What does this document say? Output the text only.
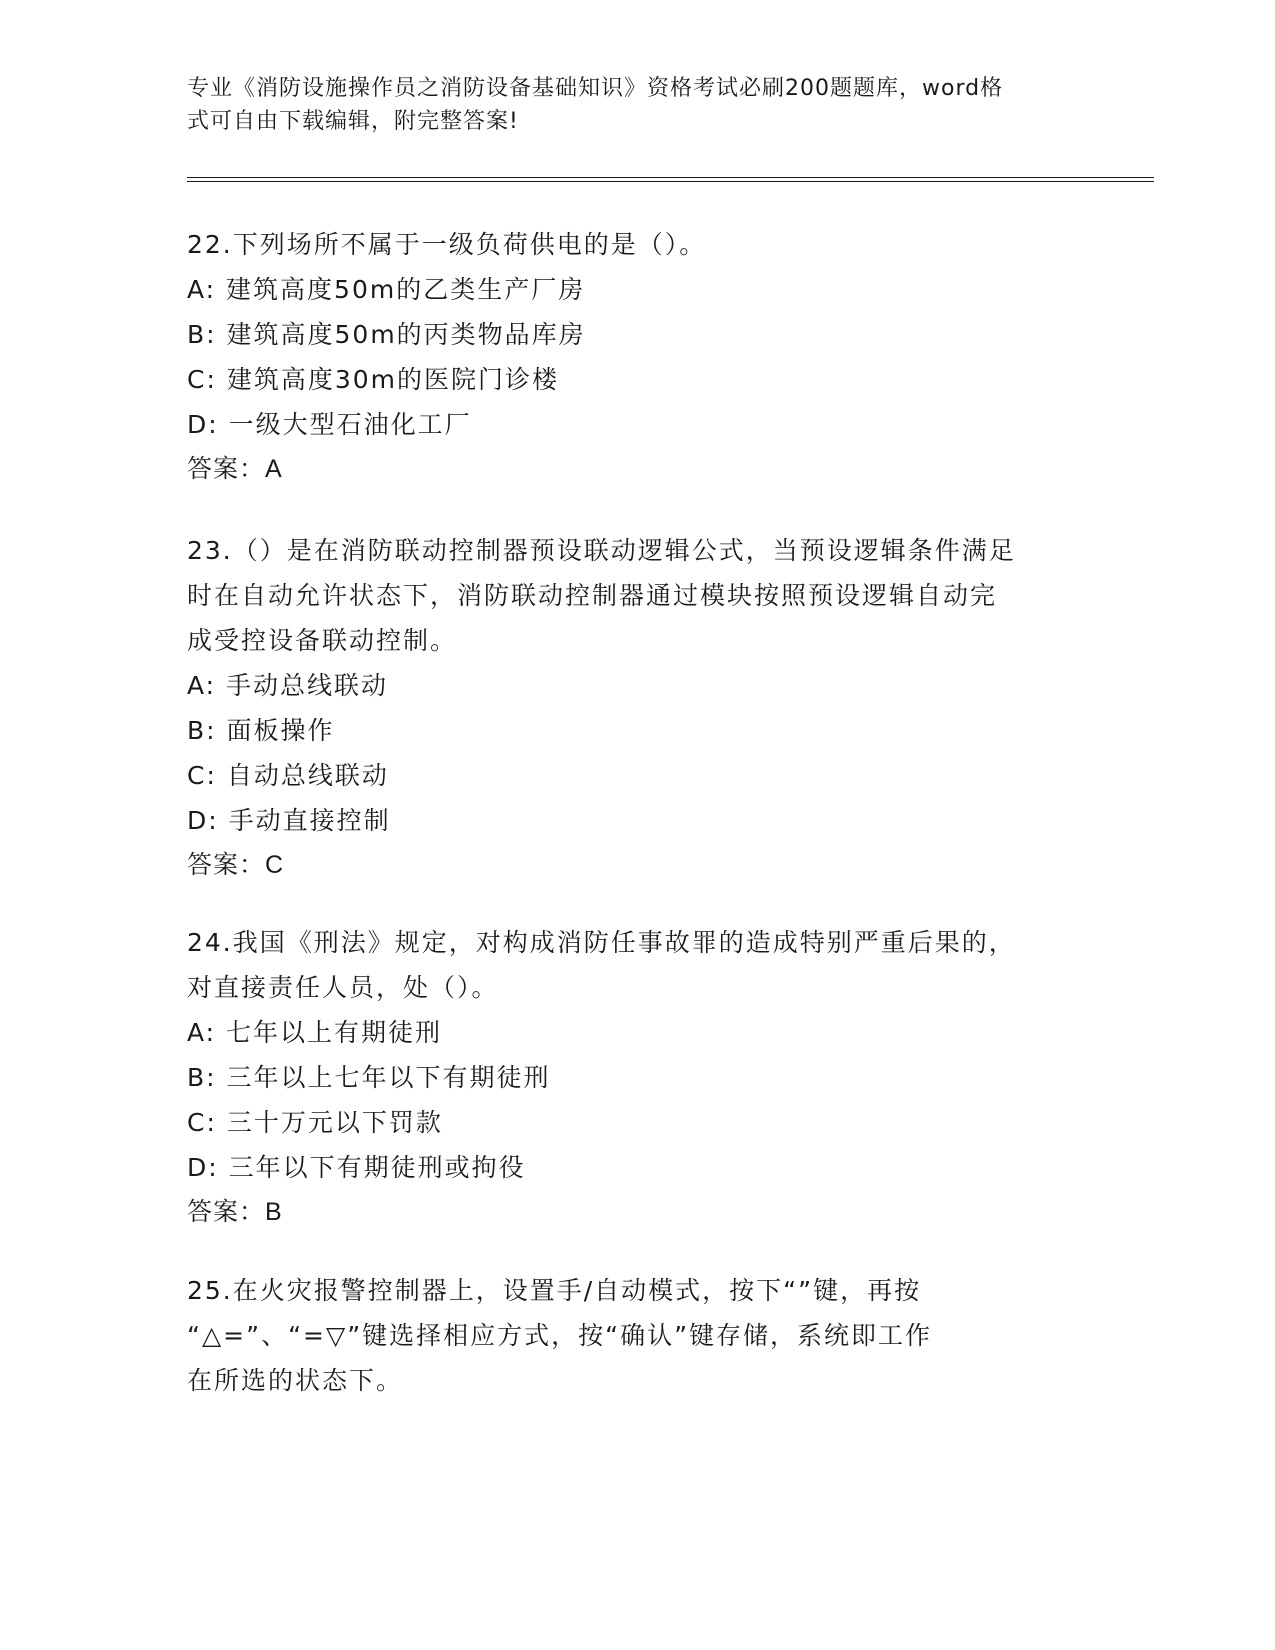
专业《消防设施操作员之消防设备基础知识》资格考试必刷200题题库，word格
式可自由下载编辑，附完整答案!
22.下列场所不属于一级负荷供电的是（）。
A: 建筑高度50m的乙类生产厂房
B: 建筑高度50m的丙类物品库房
C: 建筑高度30m的医院门诊楼
D: 一级大型石油化工厂
答案：A
23.（）是在消防联动控制器预设联动逻辑公式，当预设逻辑条件满足
时在自动允许状态下，消防联动控制器通过模块按照预设逻辑自动完
成受控设备联动控制。
A: 手动总线联动
B: 面板操作
C: 自动总线联动
D: 手动直接控制
答案：C
24.我国《刑法》规定，对构成消防任事故罪的造成特别严重后果的，
对直接责任人员，处（）。
A: 七年以上有期徒刑
B: 三年以上七年以下有期徒刑
C: 三十万元以下罚款
D: 三年以下有期徒刑或拘役
答案：B
25.在火灾报警控制器上，设置手/自动模式，按下“”键，再按
“△=”、“=▽”键选择相应方式，按“确认”键存储，系统即工作
在所选的状态下。
